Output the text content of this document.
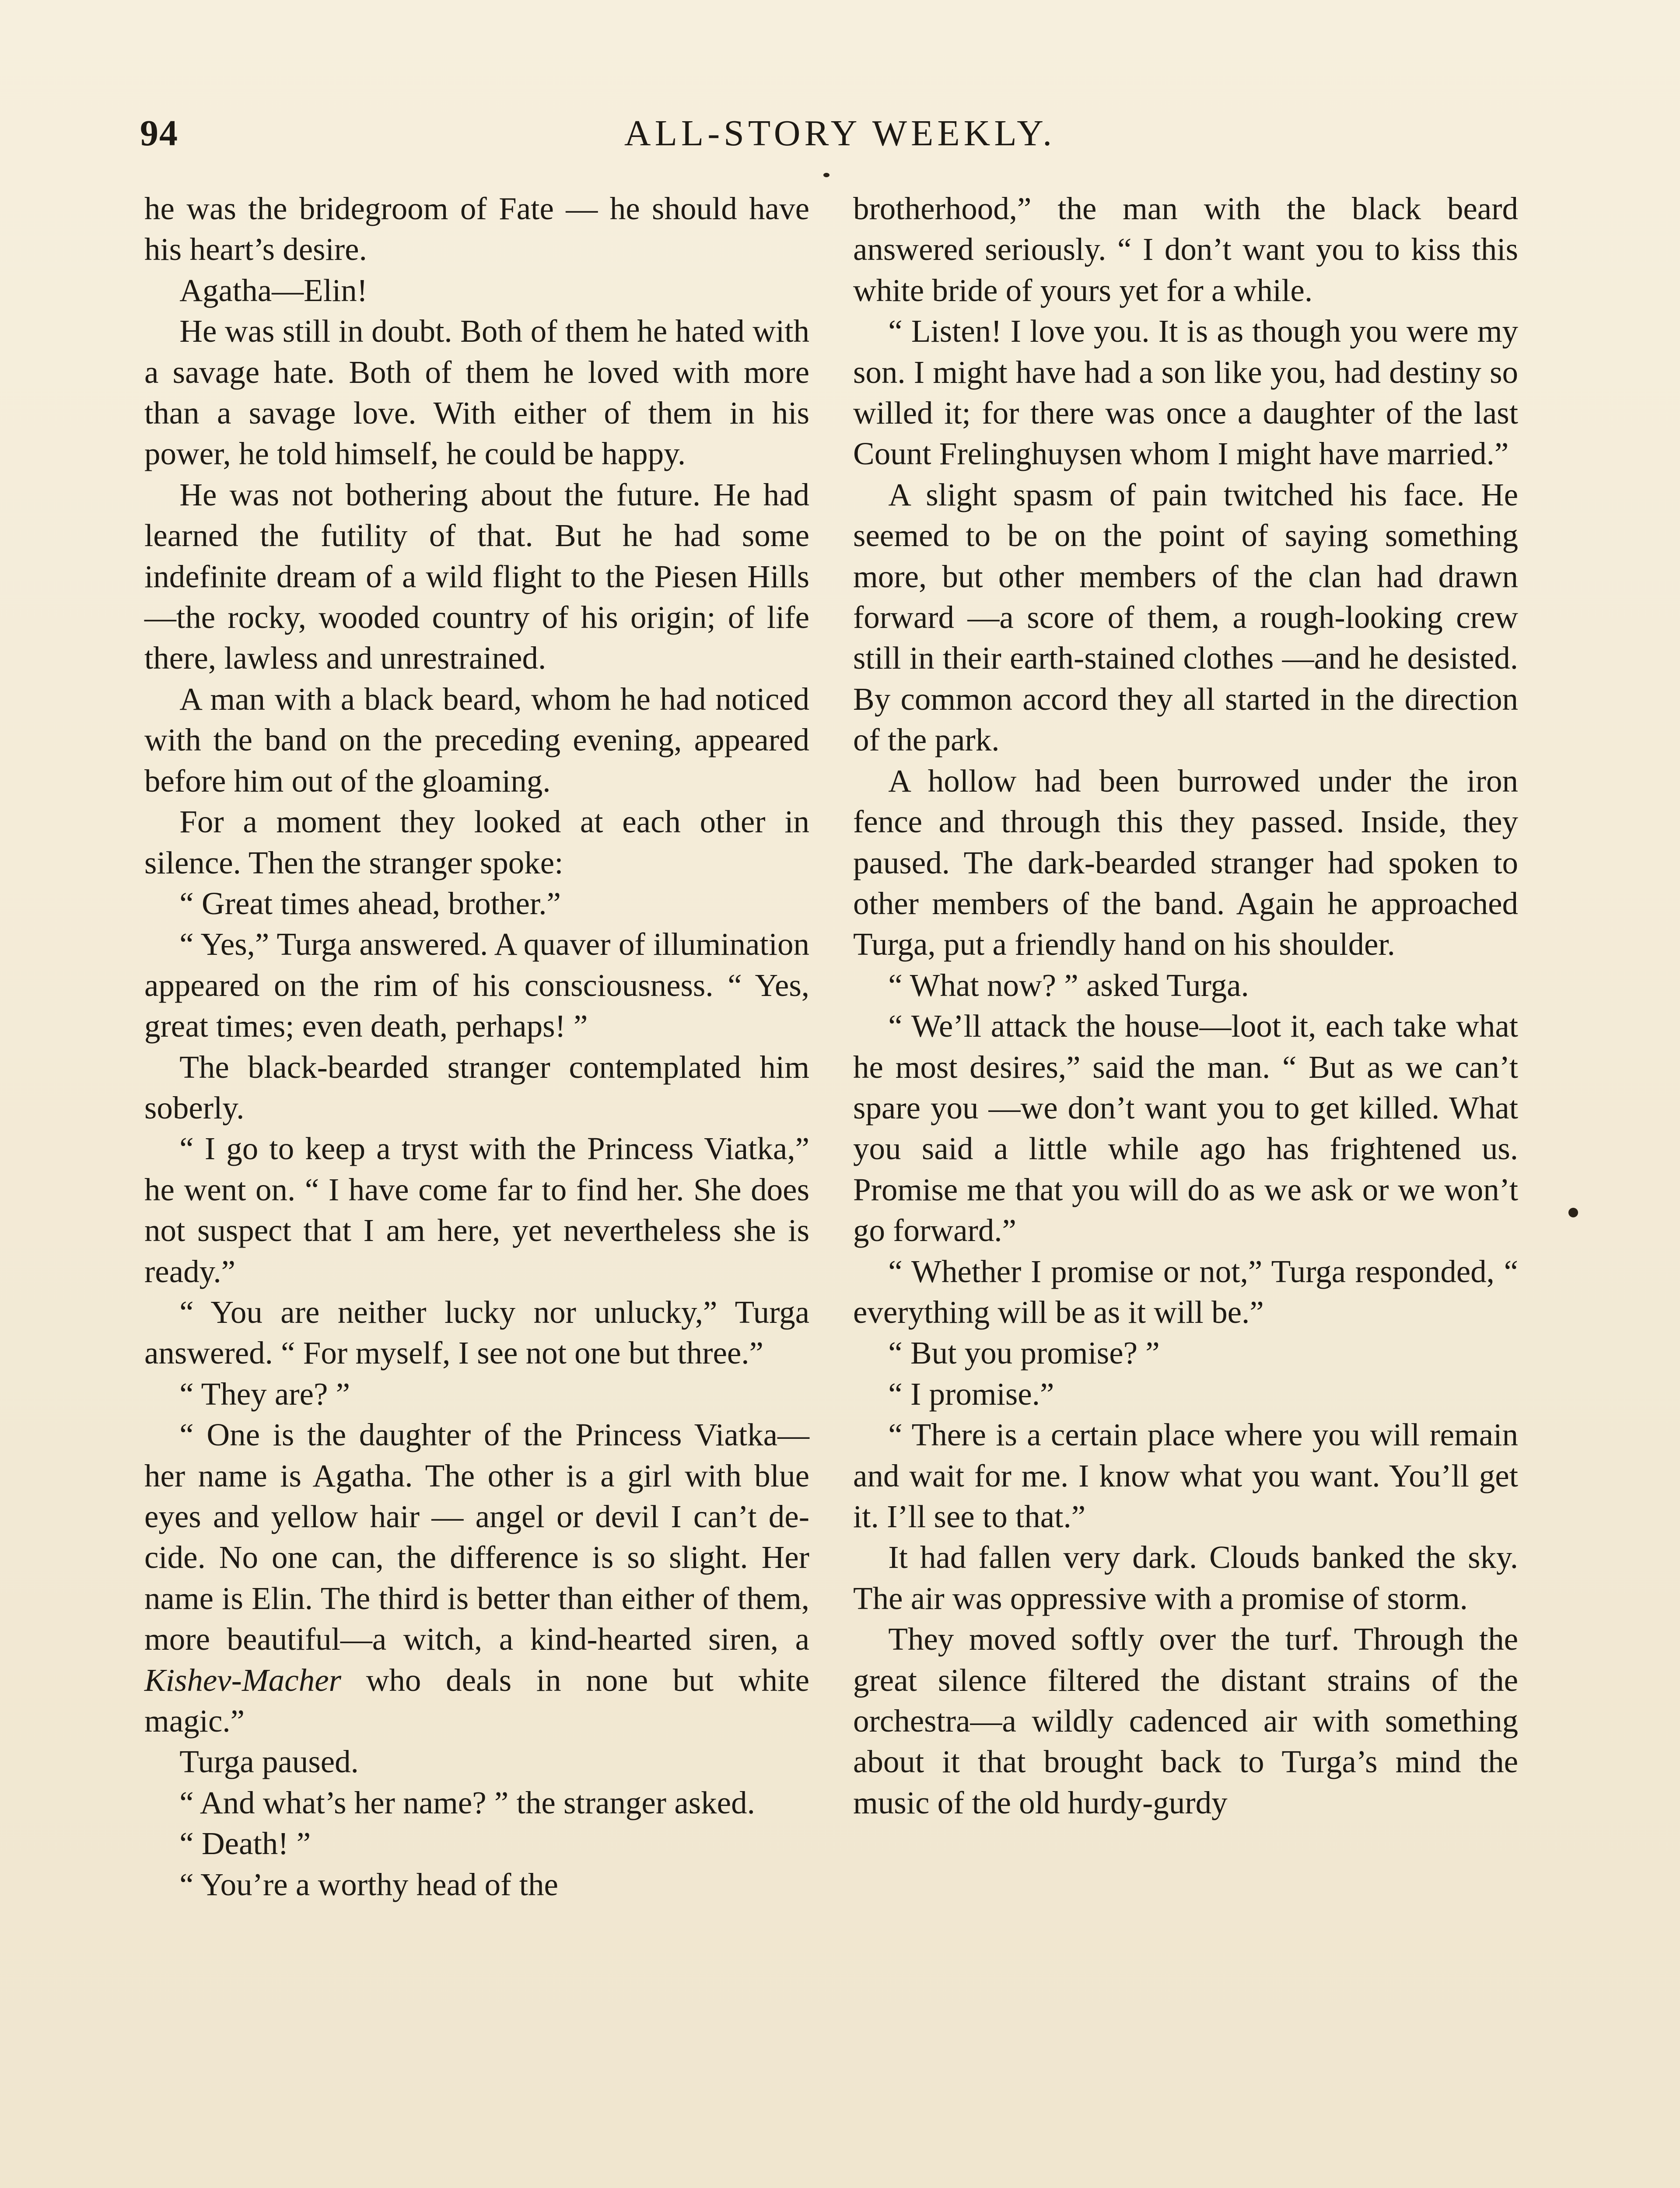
94	ALL-STORY WEEKLY.

he was the bridegroom of Fate — he should have his heart’s desire.

Agatha—Elin!

He was still in doubt. Both of them he hated with a savage hate. Both of them he loved with more than a savage love. With either of them in his power, he told himself, he could be happy.

He was not bothering about the future. He had learned the futility of that. But he had some indefinite dream of a wild flight to the Piesen Hills—the rocky, wooded country of his origin; of life there, lawless and unrestrained.

A man with a black beard, whom he had noticed with the band on the preceding evening, appeared before him out of the gloaming.

For a moment they looked at each other in silence. Then the stranger spoke:

“ Great times ahead, brother.”

“ Yes,” Turga answered. A quaver of illumination appeared on the rim of his consciousness. “ Yes, great times; even death, perhaps! ”

The black-bearded stranger contemplated him soberly.

“ I go to keep a tryst with the Princess Viatka,” he went on. “ I have come far to find her. She does not suspect that I am here, yet nevertheless she is ready.”

“ You are neither lucky nor unlucky,” Turga answered. “ For myself, I see not one but three.”

“ They are? ”

“ One is the daughter of the Princess Viatka—her name is Agatha. The other is a girl with blue eyes and yellow hair — angel or devil I can’t decide. No one can, the difference is so slight. Her name is Elin. The third is better than either of them, more beautiful—a witch, a kind-hearted siren, a Kishev-Macher who deals in none but white magic.”

Turga paused.

“ And what’s her name? ” the stranger asked.

“ Death! ”

“ You’re a worthy head of the

brotherhood,” the man with the black beard answered seriously. “ I don’t want you to kiss this white bride of yours yet for a while.

“ Listen! I love you. It is as though you were my son. I might have had a son like you, had destiny so willed it; for there was once a daughter of the last Count Frelinghuysen whom I might have married.”

A slight spasm of pain twitched his face. He seemed to be on the point of saying something more, but other members of the clan had drawn forward —a score of them, a rough-looking crew still in their earth-stained clothes —and he desisted. By common accord they all started in the direction of the park.

A hollow had been burrowed under the iron fence and through this they passed. Inside, they paused. The dark-bearded stranger had spoken to other members of the band. Again he approached Turga, put a friendly hand on his shoulder.

“ What now? ” asked Turga.

“ We’ll attack the house—loot it, each take what he most desires,” said the man. “ But as we can’t spare you —we don’t want you to get killed. What you said a little while ago has frightened us. Promise me that you will do as we ask or we won’t go forward.”

“ Whether I promise or not,” Turga responded, “ everything will be as it will be.”

“ But you promise? ”

“ I promise.”

“ There is a certain place where you will remain and wait for me. I know what you want. You’ll get it. I’ll see to that.”

It had fallen very dark. Clouds banked the sky. The air was oppressive with a promise of storm.

They moved softly over the turf. Through the great silence filtered the distant strains of the orchestra—a wildly cadenced air with something about it that brought back to Turga’s mind the music of the old hurdy-gurdy
